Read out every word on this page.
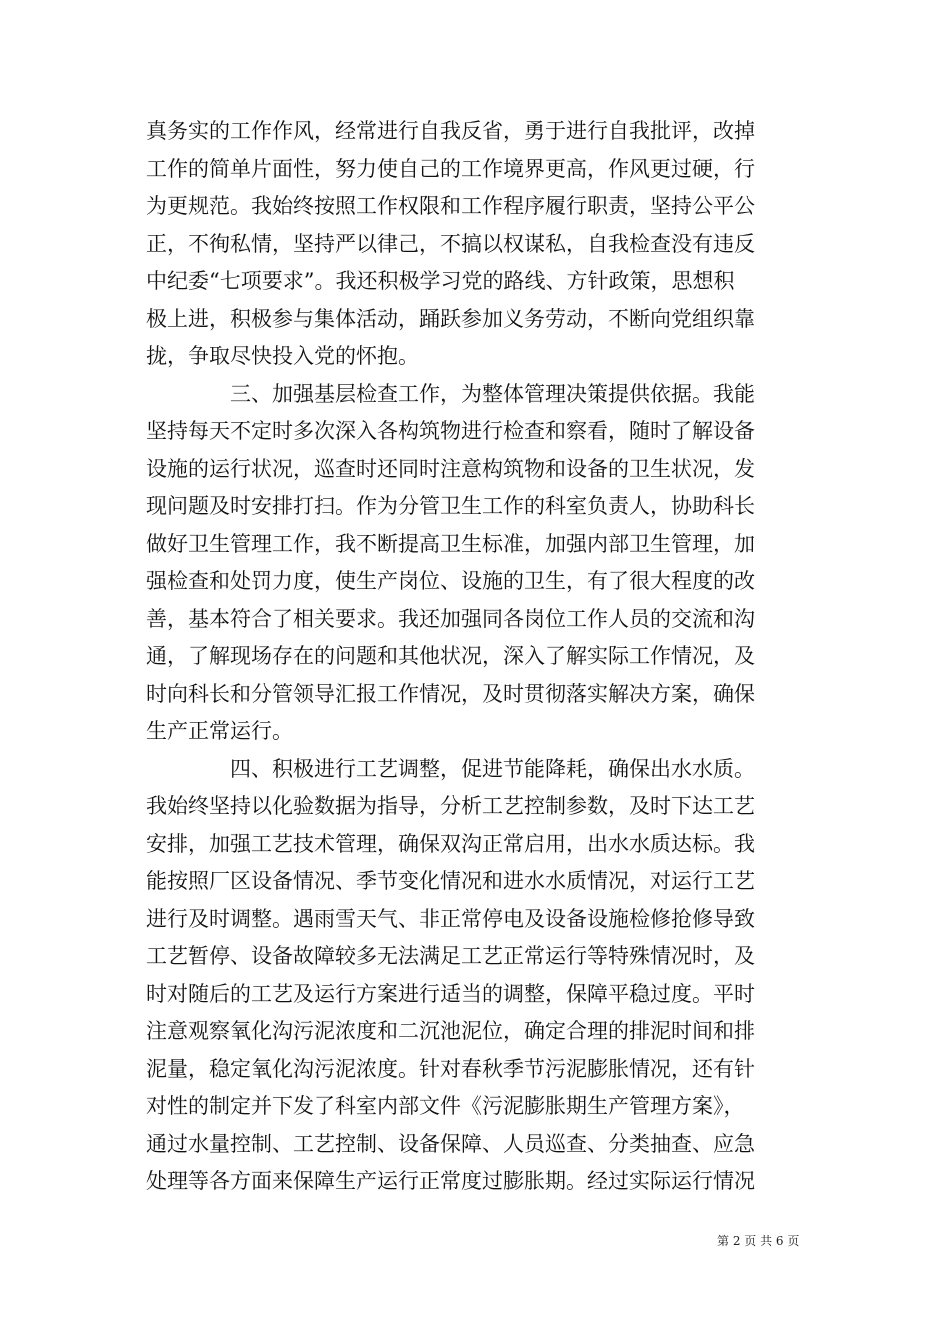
真务实的工作作风，经常进行自我反省，勇于进行自我批评，改掉
工作的简单片面性，努力使自己的工作境界更高，作风更过硬，行
为更规范。我始终按照工作权限和工作程序履行职责，坚持公平公
正，不徇私情，坚持严以律己，不搞以权谋私，自我检查没有违反
中纪委“七项要求”。我还积极学习党的路线、方针政策，思想积
极上进，积极参与集体活动，踊跃参加义务劳动，不断向党组织靠
拢，争取尽快投入党的怀抱。
　　　　三、加强基层检查工作，为整体管理决策提供依据。我能
坚持每天不定时多次深入各构筑物进行检查和察看，随时了解设备
设施的运行状况，巡查时还同时注意构筑物和设备的卫生状况，发
现问题及时安排打扫。作为分管卫生工作的科室负责人，协助科长
做好卫生管理工作，我不断提高卫生标准，加强内部卫生管理，加
强检查和处罚力度，使生产岗位、设施的卫生，有了很大程度的改
善，基本符合了相关要求。我还加强同各岗位工作人员的交流和沟
通，了解现场存在的问题和其他状况，深入了解实际工作情况，及
时向科长和分管领导汇报工作情况，及时贯彻落实解决方案，确保
生产正常运行。
　　　　四、积极进行工艺调整，促进节能降耗，确保出水水质。
我始终坚持以化验数据为指导，分析工艺控制参数，及时下达工艺
安排，加强工艺技术管理，确保双沟正常启用，出水水质达标。我
能按照厂区设备情况、季节变化情况和进水水质情况，对运行工艺
进行及时调整。遇雨雪天气、非正常停电及设备设施检修抢修导致
工艺暂停、设备故障较多无法满足工艺正常运行等特殊情况时，及
时对随后的工艺及运行方案进行适当的调整，保障平稳过度。平时
注意观察氧化沟污泥浓度和二沉池泥位，确定合理的排泥时间和排
泥量，稳定氧化沟污泥浓度。针对春秋季节污泥膨胀情况，还有针
对性的制定并下发了科室内部文件《污泥膨胀期生产管理方案》，
通过水量控制、工艺控制、设备保障、人员巡查、分类抽查、应急
处理等各方面来保障生产运行正常度过膨胀期。经过实际运行情况
第 2 页 共 6 页
